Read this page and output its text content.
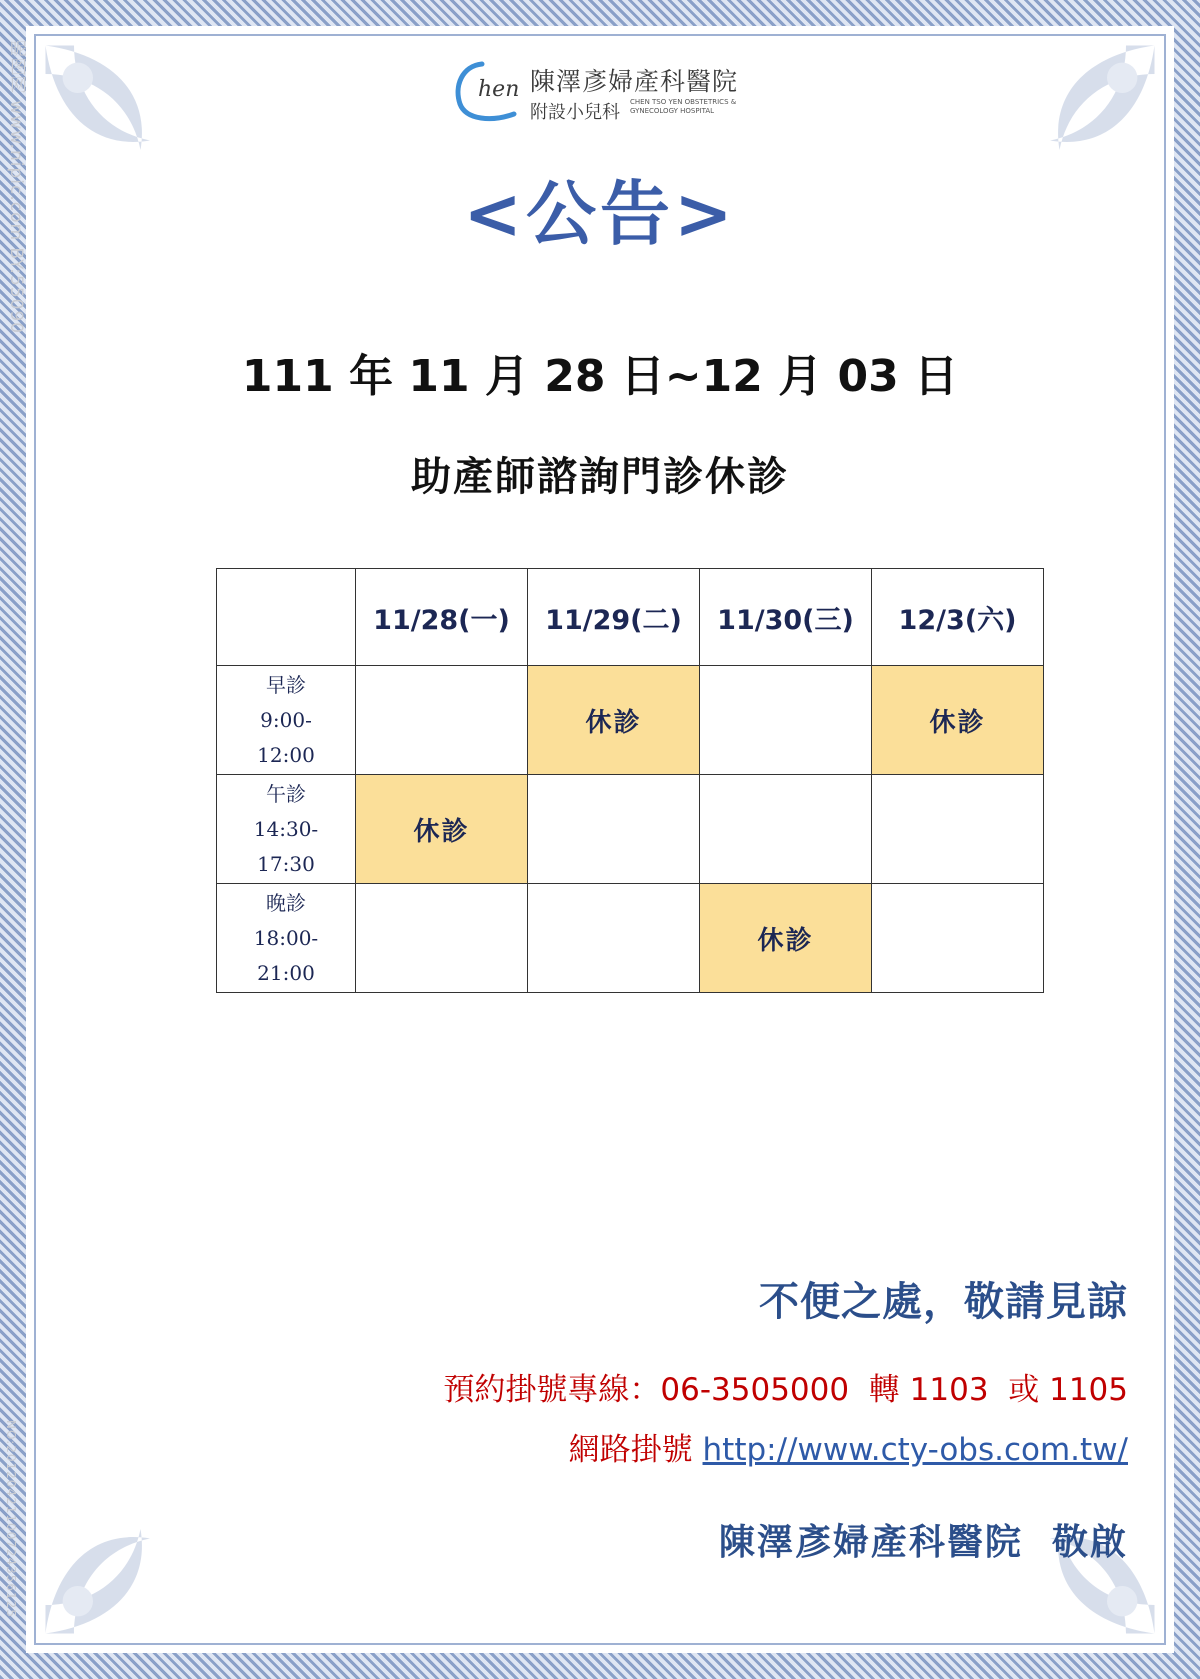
昵图网 www.nipic.com BY:55090
NO:20120421100724356125
hen 陳澤彥婦產科醫院
附設小兒科 CHEN TSO YEN OBSTETRICS &
GYNECOLOGY HOSPITAL
<公告>
111 年 11 月 28 日~12 月 03 日
助產師諮詢門診休診
	11/28(一)	11/29(二)	11/30(三)	12/3(六)

早診
9:00-
12:00		休診		休診

午診
14:30-
17:30	休診			

晚診
18:00-
21:00			休診	
不便之處，敬請見諒
預約掛號專線：06-3505000  轉 1103  或 1105
網路掛號 http://www.cty-obs.com.tw/
陳澤彥婦產科醫院  敬啟
